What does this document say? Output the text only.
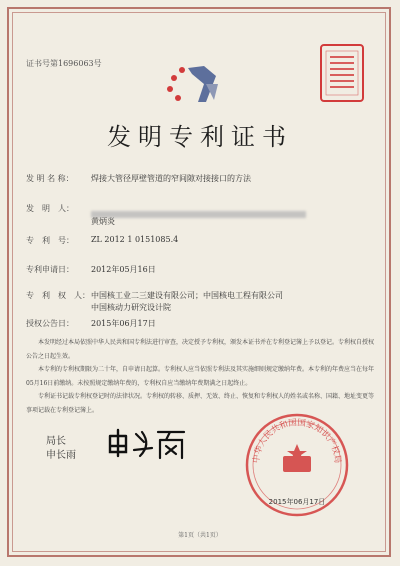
证书号第1696063号
发明专利证书
发 明 名 称： 焊接大管径厚壁管道的窄间隙对接接口的方法
发　明　人：
黄炳炎
专　利　号： ZL 2012 1 0151085.4
专利申请日： 2012年05月16日
专　利　权　人： 中国核工业二三建设有限公司；中国核电工程有限公司
中国核动力研究设计院
授权公告日： 2015年06月17日

本发明经过本局依照中华人民共和国专利法进行审查，决定授予专利权，颁发本证书并在专利登记簿上予以登记。专利权自授权公告之日起生效。

本专利的专利权期限为二十年，自申请日起算。专利权人应当依照专利法及其实施细则规定缴纳年费。本专利的年费应当在每年05月16日前缴纳。未按照规定缴纳年费的，专利权自应当缴纳年费期满之日起终止。

专利证书记载专利权登记时的法律状况。专利权的转移、质押、无效、终止、恢复和专利权人的姓名或名称、国籍、地址变更等事项记载在专利登记簿上。

局长
申长雨	中华人民共和国国家知识产权局
2015年06月17日
第1页（共1页）
